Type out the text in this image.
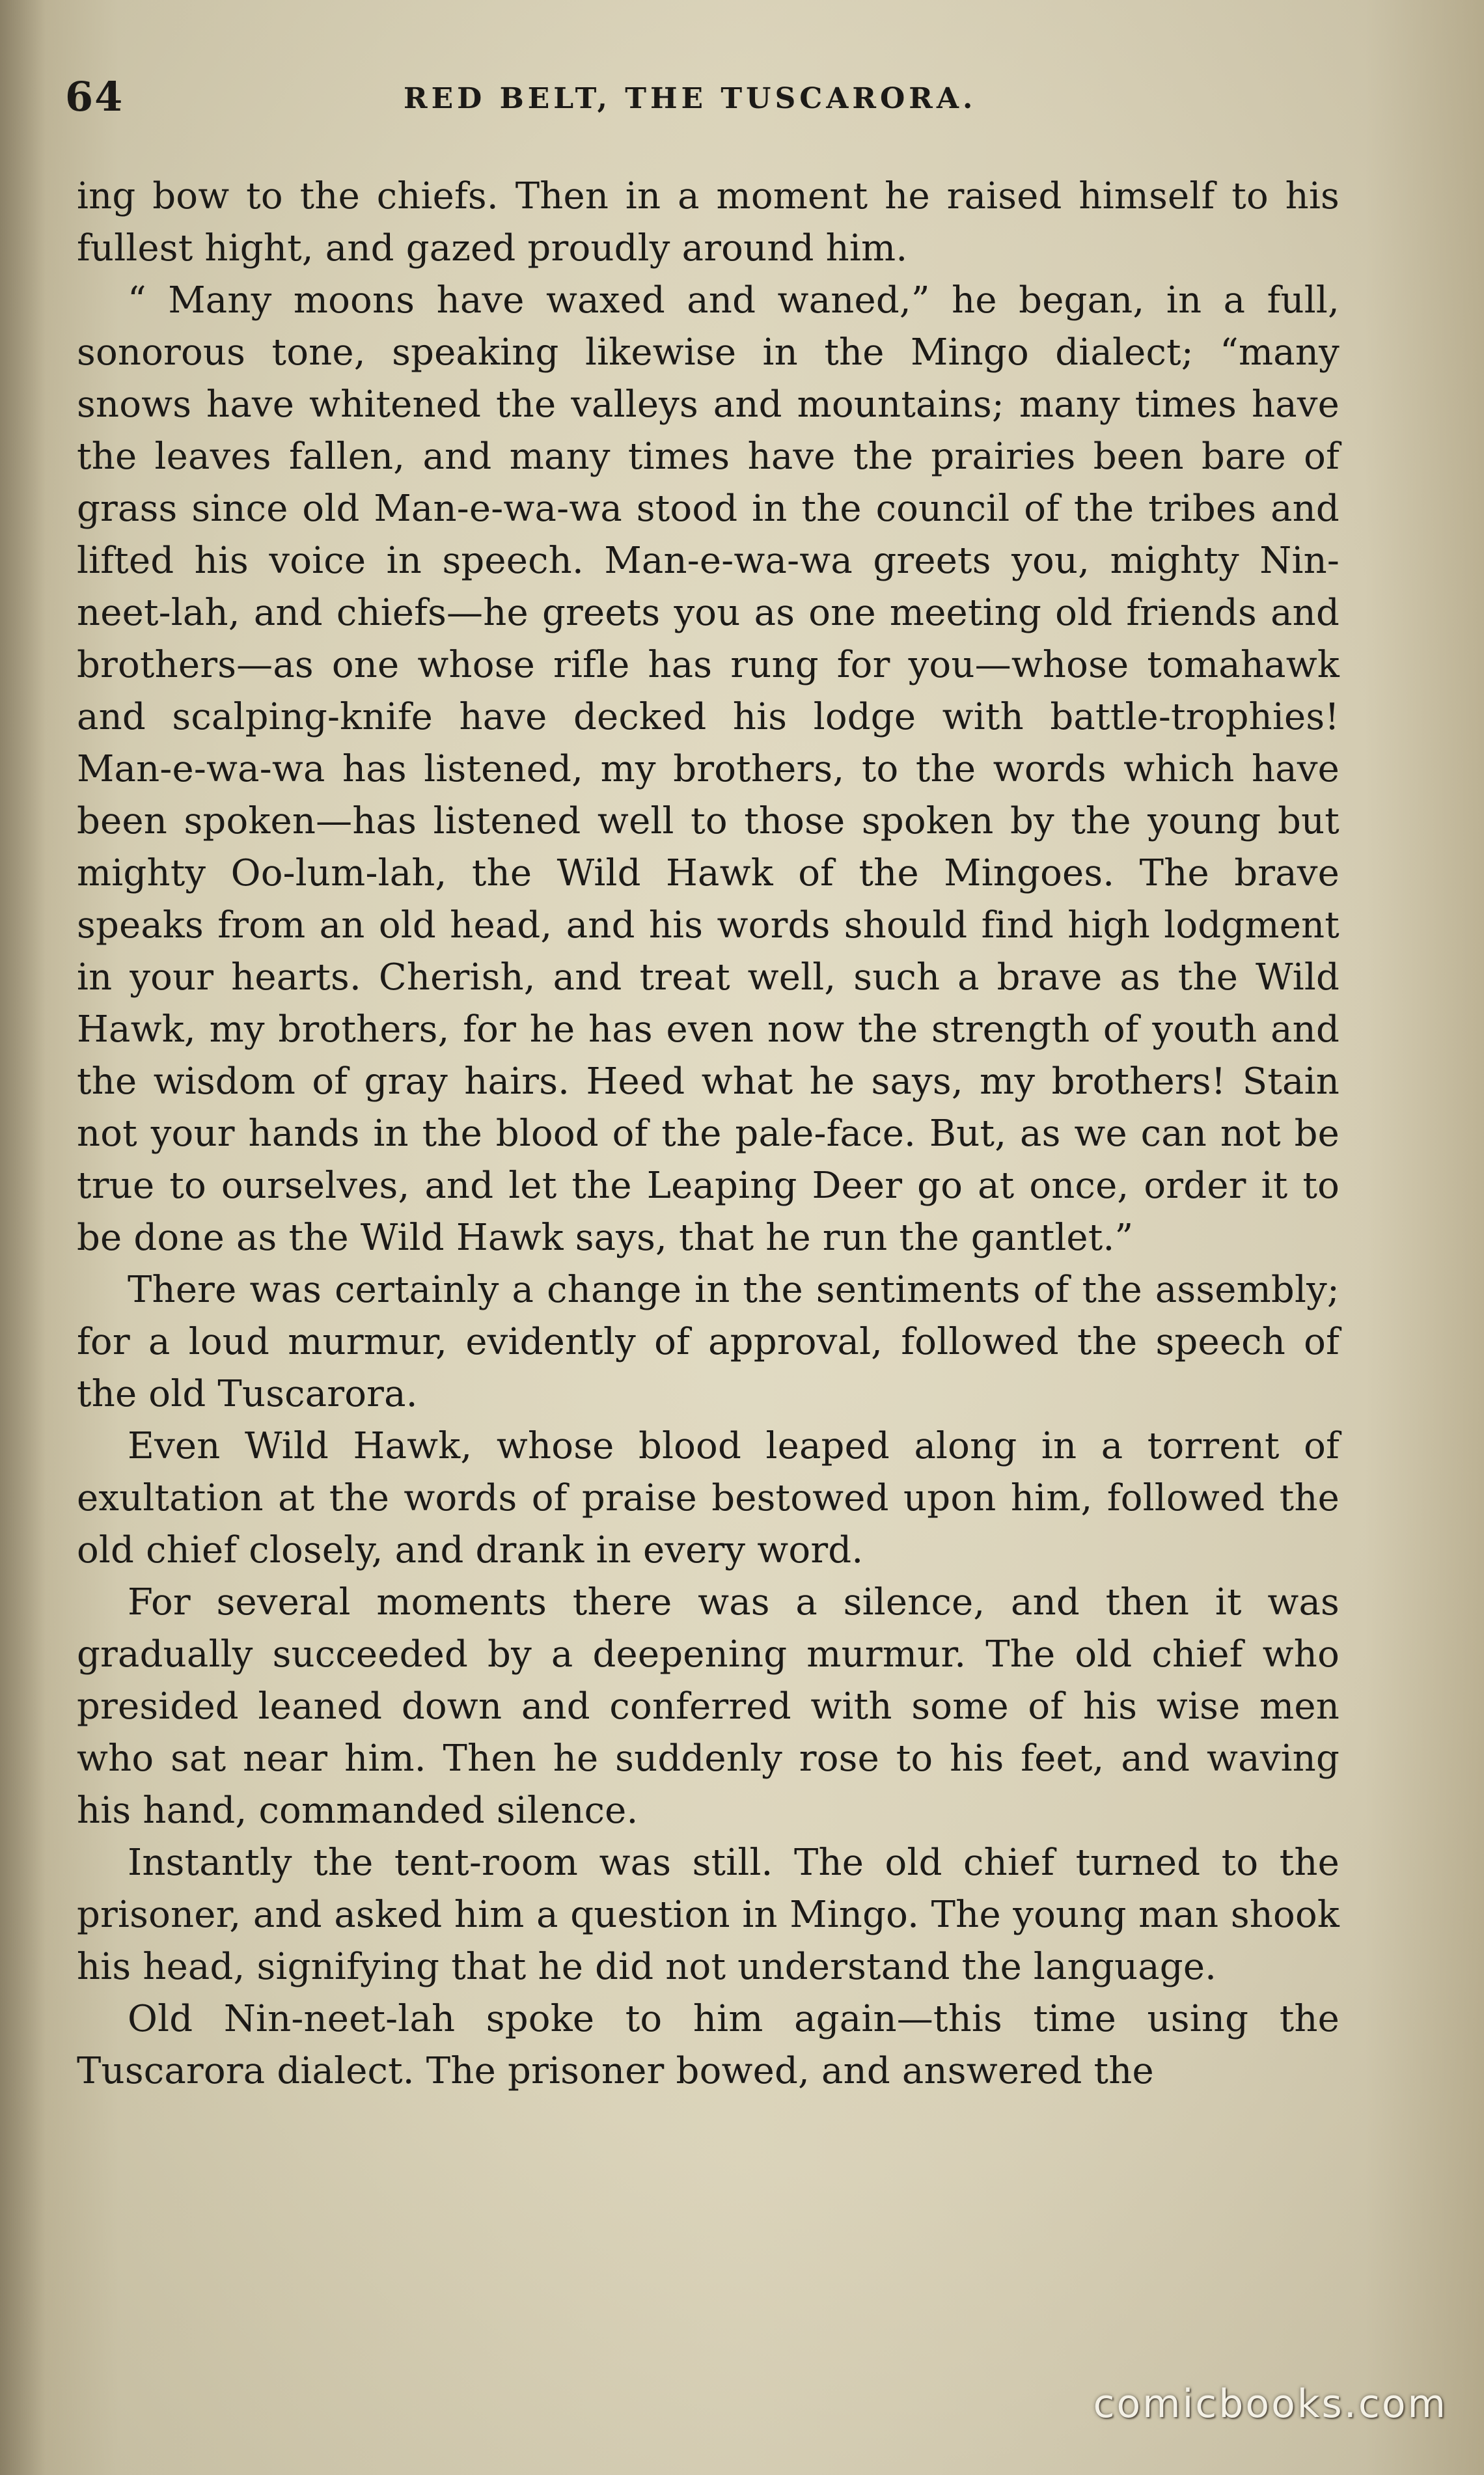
64	RED BELT, THE TUSCARORA.

ing bow to the chiefs. Then in a moment he raised himself to his fullest hight, and gazed proudly around him.

“ Many moons have waxed and waned,” he began, in a full, sonorous tone, speaking likewise in the Mingo dialect; “many snows have whitened the valleys and mountains; many times have the leaves fallen, and many times have the prairies been bare of grass since old Man-e-wa-wa stood in the council of the tribes and lifted his voice in speech. Man-e-wa-wa greets you, mighty Nin-neet-lah, and chiefs—he greets you as one meeting old friends and brothers—as one whose rifle has rung for you—whose tomahawk and scalping-knife have decked his lodge with battle-trophies! Man-e-wa-wa has listened, my brothers, to the words which have been spoken—has listened well to those spoken by the young but mighty Oo-lum-lah, the Wild Hawk of the Mingoes. The brave speaks from an old head, and his words should find high lodgment in your hearts. Cherish, and treat well, such a brave as the Wild Hawk, my brothers, for he has even now the strength of youth and the wisdom of gray hairs. Heed what he says, my brothers! Stain not your hands in the blood of the pale-face. But, as we can not be true to ourselves, and let the Leaping Deer go at once, order it to be done as the Wild Hawk says, that he run the gantlet.”

There was certainly a change in the sentiments of the assembly; for a loud murmur, evidently of approval, followed the speech of the old Tuscarora.

Even Wild Hawk, whose blood leaped along in a torrent of exultation at the words of praise bestowed upon him, followed the old chief closely, and drank in every word.

For several moments there was a silence, and then it was gradually succeeded by a deepening murmur. The old chief who presided leaned down and conferred with some of his wise men who sat near him. Then he suddenly rose to his feet, and waving his hand, commanded silence.

Instantly the tent-room was still. The old chief turned to the prisoner, and asked him a question in Mingo. The young man shook his head, signifying that he did not understand the language.

Old Nin-neet-lah spoke to him again—this time using the Tuscarora dialect. The prisoner bowed, and answered the

comicbooks.com
